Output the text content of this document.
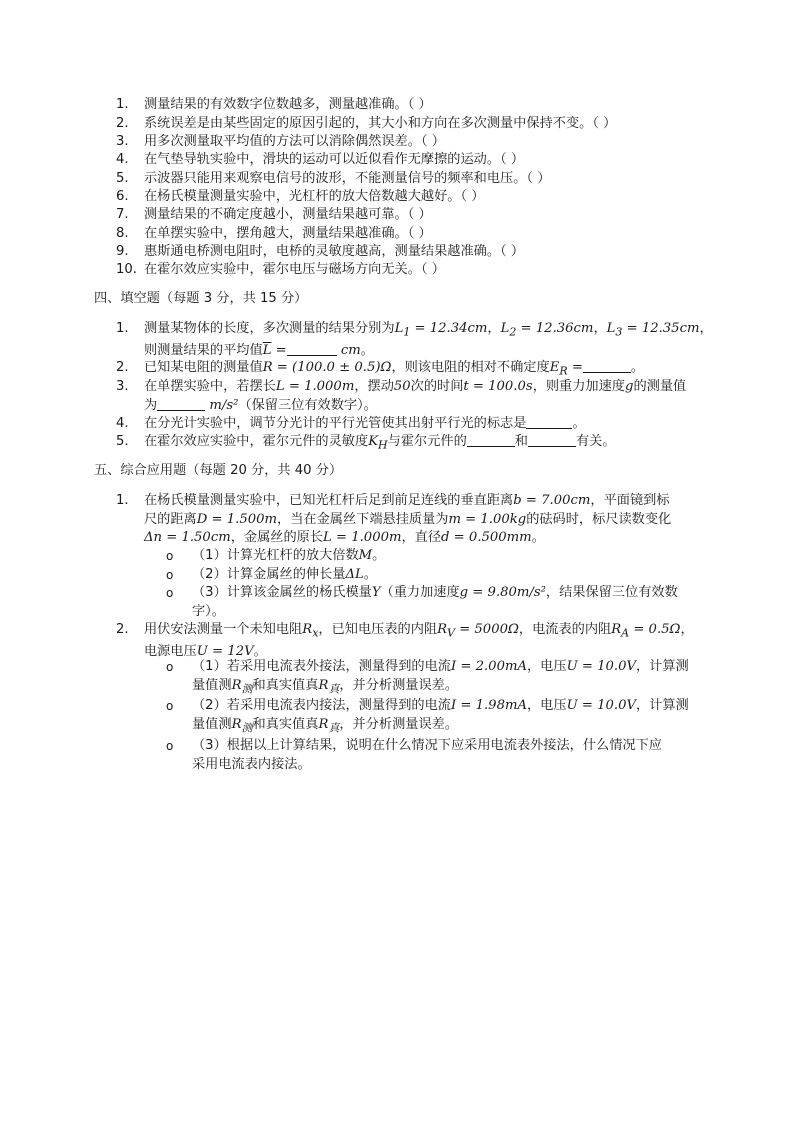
1.	测量结果的有效数字位数越多，测量越准确。（ ）
2.	系统误差是由某些固定的原因引起的，其大小和方向在多次测量中保持不变。（ ）
3.	用多次测量取平均值的方法可以消除偶然误差。（ ）
4.	在气垫导轨实验中，滑块的运动可以近似看作无摩擦的运动。（ ）
5.	示波器只能用来观察电信号的波形，不能测量信号的频率和电压。（ ）
6.	在杨氏模量测量实验中，光杠杆的放大倍数越大越好。（ ）
7.	测量结果的不确定度越小，测量结果越可靠。（ ）
8.	在单摆实验中，摆角越大，测量结果越准确。（ ）
9.	惠斯通电桥测电阻时，电桥的灵敏度越高，测量结果越准确。（ ）
10. 在霍尔效应实验中，霍尔电压与磁场方向无关。（ ）
四、填空题（每题 3 分，共 15 分）
1.	测量某物体的长度，多次测量的结果分别为$L_1 = 12.34cm$，$L_2 = 12.36cm$，$L_3 = 12.35cm$，
则测量结果的平均值$\overline{L}$ =	cm。
2.	已知某电阻的测量值R = (100.0 ± 0.5)Ω，则该电阻的相对不确定度$E_R$ =	。
3.	在单摆实验中，若摆长L = 1.000m，摆动50次的时间t = 100.0s，则重力加速度g的测量值
为	m/s²（保留三位有效数字）。
4.	在分光计实验中，调节分光计的平行光管使其出射平行光的标志是	。
5.	在霍尔效应实验中，霍尔元件的灵敏度$K_H$与霍尔元件的	和	有关。
五、综合应用题（每题 20 分，共 40 分）
1.	在杨氏模量测量实验中，已知光杠杆后足到前足连线的垂直距离b = 7.00cm，平面镜到标
尺的距离D = 1.500m，当在金属丝下端悬挂质量为m = 1.00kg的砝码时，标尺读数变化
Δn = 1.50cm，金属丝的原长L = 1.000m，直径d = 0.500mm。
o （1）计算光杠杆的放大倍数M。
o （2）计算金属丝的伸长量ΔL。
o （3）计算该金属丝的杨氏模量Y（重力加速度g = 9.80m/s²，结果保留三位有效数
字）。
2.	用伏安法测量一个未知电阻$R_x$，已知电压表的内阻$R_V = 5000\Omega$，电流表的内阻$R_A = 0.5\Omega$，
电源电压U = 12V。
o （1）若采用电流表外接法，测量得到的电流I = 2.00mA，电压U = 10.0V，计算测
量值测$R_测$和真实值真$R_真$，并分析测量误差。
o （2）若采用电流表内接法，测量得到的电流I = 1.98mA，电压U = 10.0V，计算测
量值测$R_测$和真实值真$R_真$，并分析测量误差。
o （3）根据以上计算结果，说明在什么情况下应采用电流表外接法，什么情况下应
采用电流表内接法。
